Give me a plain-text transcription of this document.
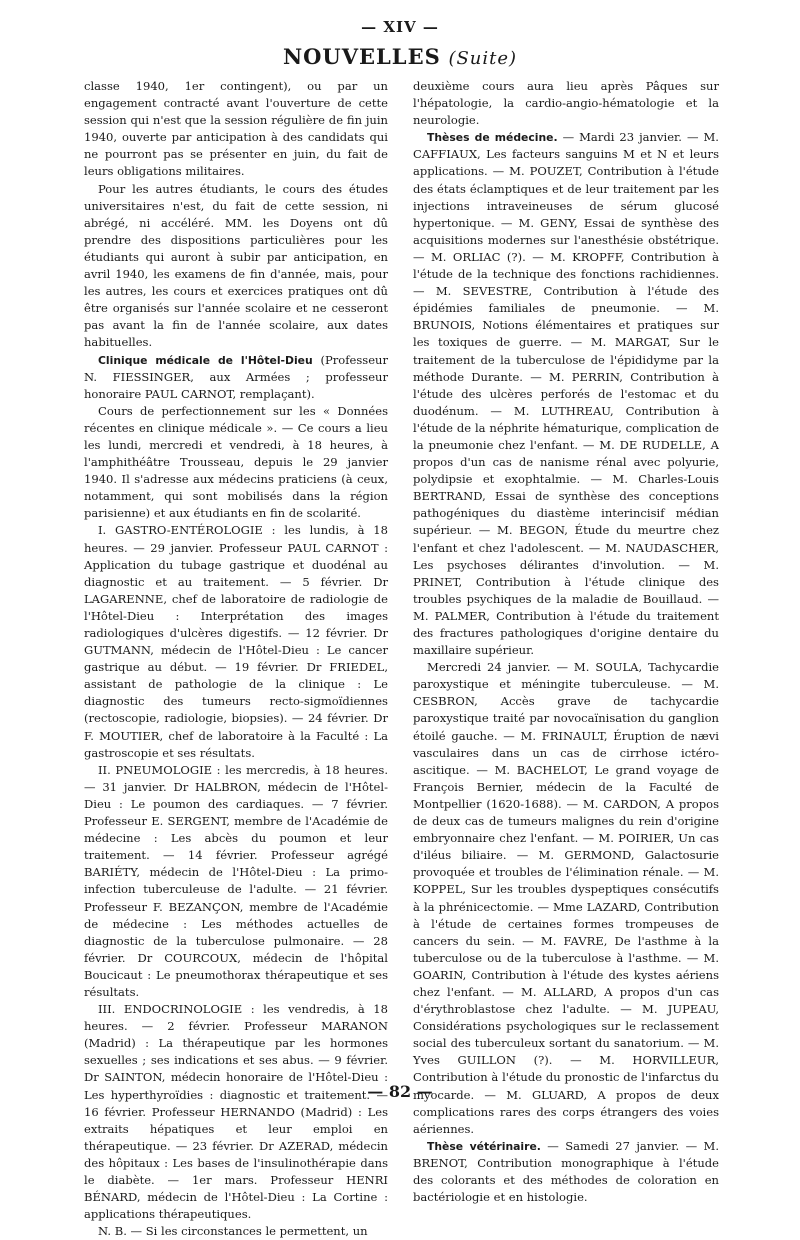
— XIV —
NOUVELLES (Suite)

classe 1940, 1er contingent), ou par un engagement contracté avant l'ouverture de cette session qui n'est que la session régulière de fin juin 1940, ouverte par anticipation à des candidats qui ne pourront pas se présenter en juin, du fait de leurs obligations militaires.

Pour les autres étudiants, le cours des études universitaires n'est, du fait de cette session, ni abrégé, ni accéléré. MM. les Doyens ont dû prendre des dispositions particulières pour les étudiants qui auront à subir par anticipation, en avril 1940, les examens de fin d'année, mais, pour les autres, les cours et exercices pratiques ont dû être organisés sur l'année scolaire et ne cesseront pas avant la fin de l'année scolaire, aux dates habituelles.

Clinique médicale de l'Hôtel-Dieu (Professeur N. FIESSINGER, aux Armées ; professeur honoraire PAUL CARNOT, remplaçant).

Cours de perfectionnement sur les « Données récentes en clinique médicale ». — Ce cours a lieu les lundi, mercredi et vendredi, à 18 heures, à l'amphithéâtre Trousseau, depuis le 29 janvier 1940. Il s'adresse aux médecins praticiens (à ceux, notamment, qui sont mobilisés dans la région parisienne) et aux étudiants en fin de scolarité.

I. GASTRO-ENTÉROLOGIE : les lundis, à 18 heures. — 29 janvier. Professeur PAUL CARNOT : Application du tubage gastrique et duodénal au diagnostic et au traitement. — 5 février. Dr LAGARENNE, chef de laboratoire de radiologie de l'Hôtel-Dieu : Interprétation des images radiologiques d'ulcères digestifs. — 12 février. Dr GUTMANN, médecin de l'Hôtel-Dieu : Le cancer gastrique au début. — 19 février. Dr FRIEDEL, assistant de pathologie de la clinique : Le diagnostic des tumeurs recto-sigmoïdiennes (rectoscopie, radiologie, biopsies). — 24 février. Dr F. MOUTIER, chef de laboratoire à la Faculté : La gastroscopie et ses résultats.

II. PNEUMOLOGIE : les mercredis, à 18 heures. — 31 janvier. Dr HALBRON, médecin de l'Hôtel-Dieu : Le poumon des cardiaques. — 7 février. Professeur E. SERGENT, membre de l'Académie de médecine : Les abcès du poumon et leur traitement. — 14 février. Professeur agrégé BARIÉTY, médecin de l'Hôtel-Dieu : La primo-infection tuberculeuse de l'adulte. — 21 février. Professeur F. BEZANÇON, membre de l'Académie de médecine : Les méthodes actuelles de diagnostic de la tuberculose pulmonaire. — 28 février. Dr COURCOUX, médecin de l'hôpital Boucicaut : Le pneumothorax thérapeutique et ses résultats.

III. ENDOCRINOLOGIE : les vendredis, à 18 heures. — 2 février. Professeur MARANON (Madrid) : La thérapeutique par les hormones sexuelles ; ses indications et ses abus. — 9 février. Dr SAINTON, médecin honoraire de l'Hôtel-Dieu : Les hyperthyroïdies : diagnostic et traitement. — 16 février. Professeur HERNANDO (Madrid) : Les extraits hépatiques et leur emploi en thérapeutique. — 23 février. Dr AZERAD, médecin des hôpitaux : Les bases de l'insulinothérapie dans le diabète. — 1er mars. Professeur HENRI BÉNARD, médecin de l'Hôtel-Dieu : La Cortine : applications thérapeutiques.

N. B. — Si les circonstances le permettent, un

deuxième cours aura lieu après Pâques sur l'hépatologie, la cardio-angio-hématologie et la neurologie.

Thèses de médecine. — Mardi 23 janvier. — M. CAFFIAUX, Les facteurs sanguins M et N et leurs applications. — M. POUZET, Contribution à l'étude des états éclamptiques et de leur traitement par les injections intraveineuses de sérum glucosé hypertonique. — M. GENY, Essai de synthèse des acquisitions modernes sur l'anesthésie obstétrique. — M. ORLIAC (?). — M. KROPFF, Contribution à l'étude de la technique des fonctions rachidiennes. — M. SEVESTRE, Contribution à l'étude des épidémies familiales de pneumonie. — M. BRUNOIS, Notions élémentaires et pratiques sur les toxiques de guerre. — M. MARGAT, Sur le traitement de la tuberculose de l'épididyme par la méthode Durante. — M. PERRIN, Contribution à l'étude des ulcères perforés de l'estomac et du duodénum. — M. LUTHREAU, Contribution à l'étude de la néphrite hématurique, complication de la pneumonie chez l'enfant. — M. DE RUDELLE, A propos d'un cas de nanisme rénal avec polyurie, polydipsie et exophtalmie. — M. Charles-Louis BERTRAND, Essai de synthèse des conceptions pathogéniques du diastème interincisif médian supérieur. — M. BEGON, Étude du meurtre chez l'enfant et chez l'adolescent. — M. NAUDASCHER, Les psychoses délirantes d'involution. — M. PRINET, Contribution à l'étude clinique des troubles psychiques de la maladie de Bouillaud. — M. PALMER, Contribution à l'étude du traitement des fractures pathologiques d'origine dentaire du maxillaire supérieur.

Mercredi 24 janvier. — M. SOULA, Tachycardie paroxystique et méningite tuberculeuse. — M. CESBRON, Accès grave de tachycardie paroxystique traité par novocaïnisation du ganglion étoilé gauche. — M. FRINAULT, Éruption de nævi vasculaires dans un cas de cirrhose ictéro-ascitique. — M. BACHELOT, Le grand voyage de François Bernier, médecin de la Faculté de Montpellier (1620-1688). — M. CARDON, A propos de deux cas de tumeurs malignes du rein d'origine embryonnaire chez l'enfant. — M. POIRIER, Un cas d'iléus biliaire. — M. GERMOND, Galactosurie provoquée et troubles de l'élimination rénale. — M. KOPPEL, Sur les troubles dyspeptiques consécutifs à la phrénicectomie. — Mme LAZARD, Contribution à l'étude de certaines formes trompeuses de cancers du sein. — M. FAVRE, De l'asthme à la tuberculose ou de la tuberculose à l'asthme. — M. GOARIN, Contribution à l'étude des kystes aériens chez l'enfant. — M. ALLARD, A propos d'un cas d'érythroblastose chez l'adulte. — M. JUPEAU, Considérations psychologiques sur le reclassement social des tuberculeux sortant du sanatorium. — M. Yves GUILLON (?). — M. HORVILLEUR, Contribution à l'étude du pronostic de l'infarctus du myocarde. — M. GLUARD, A propos de deux complications rares des corps étrangers des voies aériennes.

Thèse vétérinaire. — Samedi 27 janvier. — M. BRENOT, Contribution monographique à l'étude des colorants et des méthodes de coloration en bactériologie et en histologie.

— 82 —
